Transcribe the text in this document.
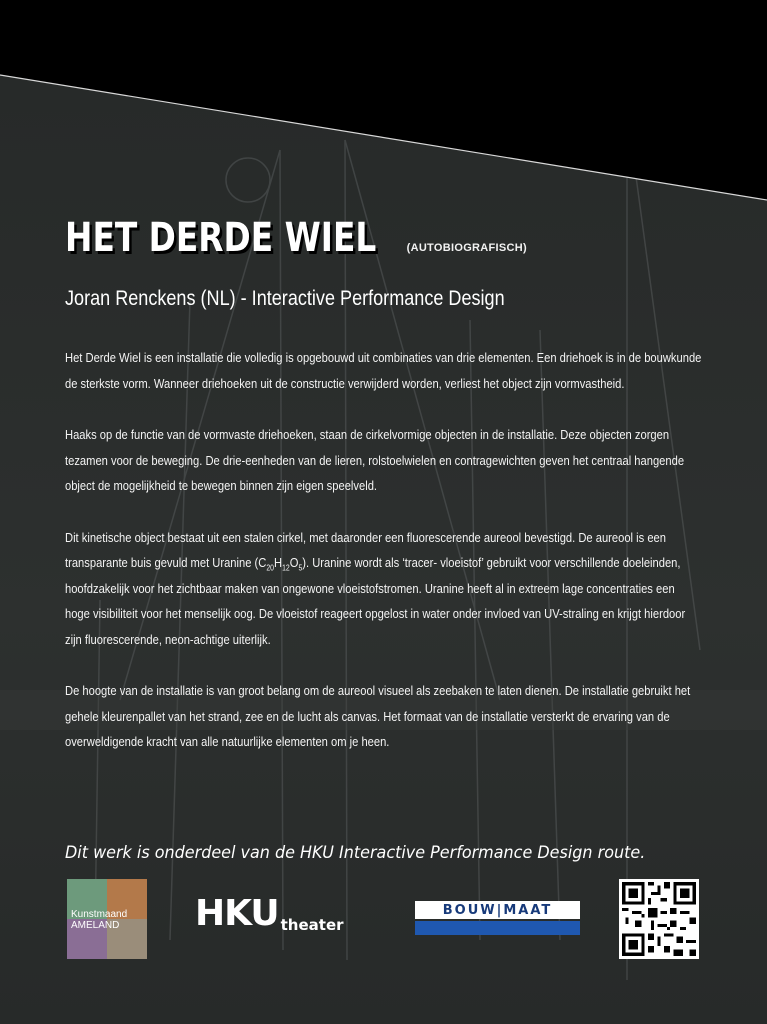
HET DERDE WIEL	(AUTOBIOGRAFISCH)
Joran Renckens (NL) - Interactive Performance Design

Het Derde Wiel is een installatie die volledig is opgebouwd uit combinaties van drie elementen. Een driehoek is in de bouwkunde de sterkste vorm. Wanneer driehoeken uit de constructie verwijderd worden, verliest het object zijn vormvastheid.

Haaks op de functie van de vormvaste driehoeken, staan de cirkelvormige objecten in de installatie. Deze objecten zorgen tezamen voor de beweging. De drie-eenheden van de lieren, rolstoelwielen en contragewichten geven het centraal hangende object de mogelijkheid te bewegen binnen zijn eigen speelveld.

Dit kinetische object bestaat uit een stalen cirkel, met daaronder een fluorescerende aureool bevestigd. De aureool is een transparante buis gevuld met Uranine $(C_{20}H_{12}O_5)$. Uranine wordt als ‘tracer- vloeistof’ gebruikt voor verschillende doeleinden, hoofdzakelijk voor het zichtbaar maken van ongewone vloeistofstromen. Uranine heeft al in extreem lage concentraties een hoge visibiliteit voor het menselijk oog. De vloeistof reageert opgelost in water onder invloed van UV-straling en krijgt hierdoor zijn fluorescerende, neon-achtige uiterlijk.

De hoogte van de installatie is van groot belang om de aureool visueel als zeebaken te laten dienen. De installatie gebruikt het gehele kleurenpallet van het strand, zee en de lucht als canvas. Het formaat van de installatie versterkt de ervaring van de overweldigende kracht van alle natuurlijke elementen om je heen.

Dit werk is onderdeel van de HKU Interactive Performance Design route.
Kunstmaand
AMELAND HKU theater
BOUW|MAAT
